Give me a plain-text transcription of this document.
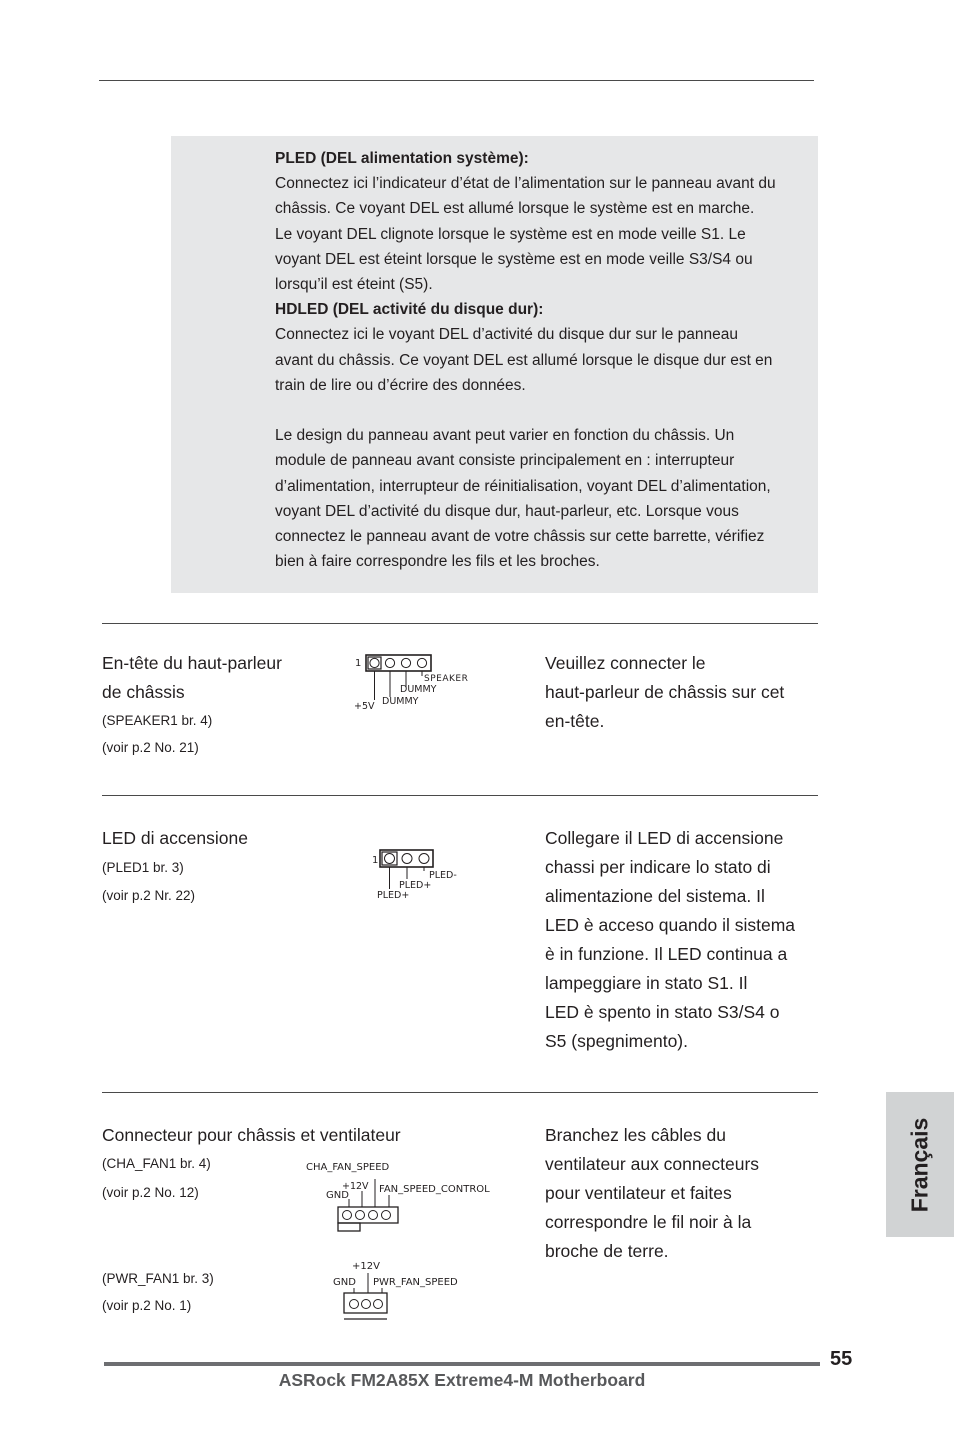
PLED (DEL alimentation système):
Connectez ici l’indicateur d’état de l’alimentation sur le panneau avant du
châssis. Ce voyant DEL est allumé lorsque le système est en marche.
Le voyant DEL clignote lorsque le système est en mode veille S1. Le
voyant DEL est éteint lorsque le système est en mode veille S3/S4 ou
lorsqu’il est éteint (S5).
HDLED (DEL activité du disque dur):
Connectez ici le voyant DEL d’activité du disque dur sur le panneau
avant du châssis. Ce voyant DEL est allumé lorsque le disque dur est en
train de lire ou d’écrire des données.
Le design du panneau avant peut varier en fonction du châssis. Un
module de panneau avant consiste principalement en : interrupteur
d’alimentation, interrupteur de réinitialisation, voyant DEL d’alimentation,
voyant DEL d’activité du disque dur, haut-parleur, etc. Lorsque vous
connectez le panneau avant de votre châssis sur cette barrette, vérifiez
bien à faire correspondre les fils et les broches.
En-tête du haut-parleur
de châssis
(SPEAKER1 br. 4)
(voir p.2 No. 21)
1
SPEAKER
DUMMY
DUMMY
+5V
Veuillez connecter le
haut-parleur de châssis sur cet
en-tête.
LED di accensione
(PLED1 br. 3)
(voir p.2 Nr. 22)
1
PLED-
PLED+
PLED+
Collegare il LED di accensione
chassi per indicare lo stato di
alimentazione del sistema. Il
LED è acceso quando il sistema
è in funzione. Il LED continua a
lampeggiare in stato S1. Il
LED è spento in stato S3/S4 o
S5 (spegnimento).
Connecteur pour châssis et ventilateur
(CHA_FAN1 br. 4)
(voir p.2 No. 12)
(PWR_FAN1 br. 3)
(voir p.2 No. 1)
CHA_FAN_SPEED
+12V
GND
FAN_SPEED_CONTROL
+12V
GND PWR_FAN_SPEED
Branchez les câbles du
ventilateur aux connecteurs
pour ventilateur et faites
correspondre le fil noir à la
broche de terre.
Français
55
ASRock FM2A85X Extreme4-M Motherboard
